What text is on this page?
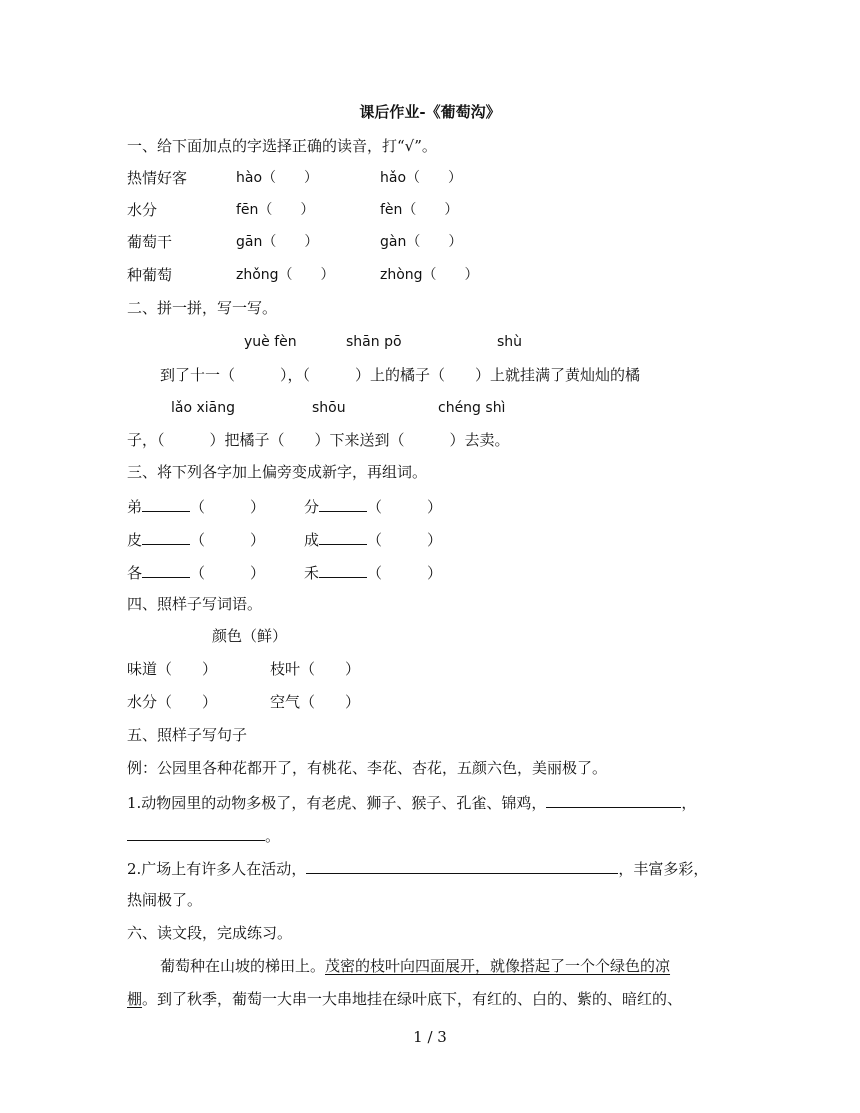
课后作业-《葡萄沟》
一、给下面加点的字选择正确的读音，打“√”。
热情好客	hào（　　）	hǎo（　　）
水分	fēn（　　）	fèn（　　）
葡萄干	gān（　　）	gàn（　　）
种葡萄	zhǒng（　　）	zhòng（　　）
二、拼一拼，写一写。
yuè fèn	shān pō	shù
到了十一（　　　），（　　　）上的橘子（　　）上就挂满了黄灿灿的橘
lǎo xiāng	shōu	chéng shì
子，（　　　）把橘子（　　）下来送到（　　　）去卖。
三、将下列各字加上偏旁变成新字，再组词。
弟	（　　　）	分	（　　　）
皮	（　　　）	成	（　　　）
各	（　　　）	禾	（　　　）
四、照样子写词语。
颜色（鲜）
味道（　　）	枝叶（　　）
水分（　　）	空气（　　）
五、照样子写句子
例：公园里各种花都开了，有桃花、李花、杏花，五颜六色，美丽极了。
1.动物园里的动物多极了，有老虎、狮子、猴子、孔雀、锦鸡，	，
。
2.广场上有许多人在活动，	，丰富多彩，
热闹极了。
六、读文段，完成练习。
葡萄种在山坡的梯田上。茂密的枝叶向四面展开，就像搭起了一个个绿色的凉
棚。到了秋季，葡萄一大串一大串地挂在绿叶底下，有红的、白的、紫的、暗红的、
1 / 3
